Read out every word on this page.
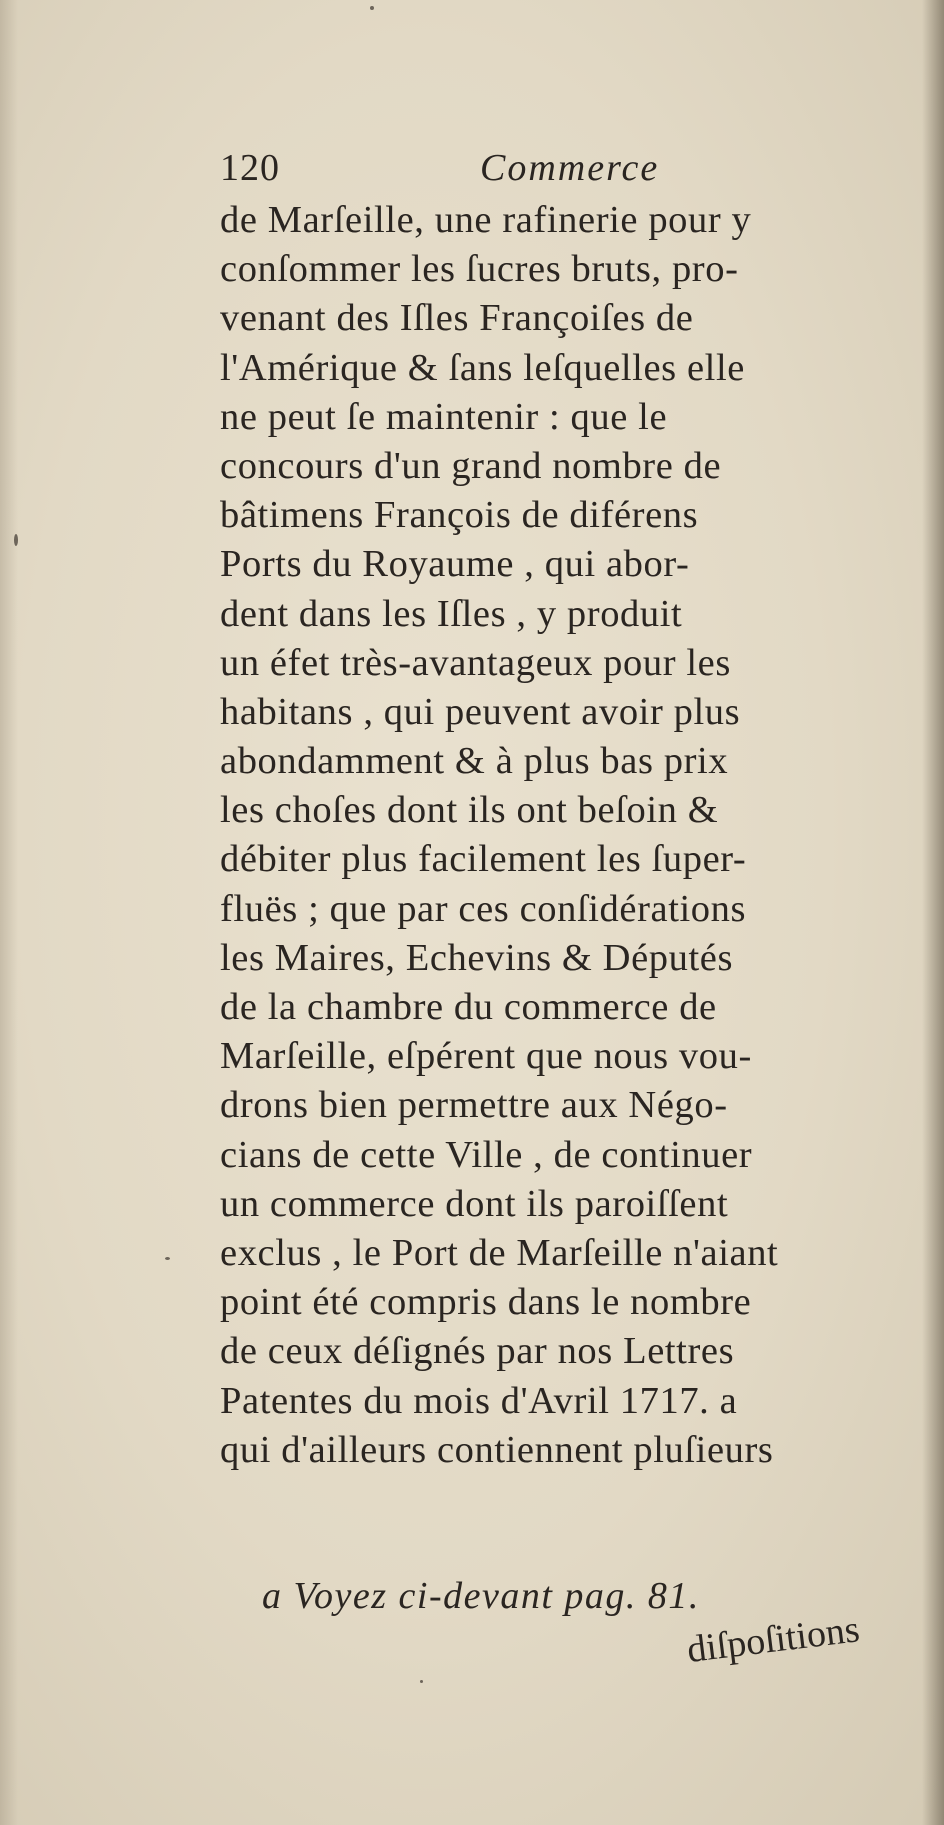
120	Commerce
de Marſeille, une rafinerie pour y
conſommer les ſucres bruts, pro-
venant des Iſles Françoiſes de
l'Amérique & ſans leſquelles elle
ne peut ſe maintenir : que le
concours d'un grand nombre de
bâtimens François de diférens
Ports du Royaume , qui abor-
dent dans les Iſles , y produit
un éfet très-avantageux pour les
habitans , qui peuvent avoir plus
abondamment & à plus bas prix
les choſes dont ils ont beſoin &
débiter plus facilement les ſuper-
fluës ; que par ces conſidérations
les Maires, Echevins & Députés
de la chambre du commerce de
Marſeille, eſpérent que nous vou-
drons bien permettre aux Négo-
cians de cette Ville , de continuer
un commerce dont ils paroiſſent
exclus , le Port de Marſeille n'aiant
point été compris dans le nombre
de ceux déſignés par nos Lettres
Patentes du mois d'Avril 1717. a
qui d'ailleurs contiennent pluſieurs
a Voyez ci-devant pag. 81.
diſpoſitions
